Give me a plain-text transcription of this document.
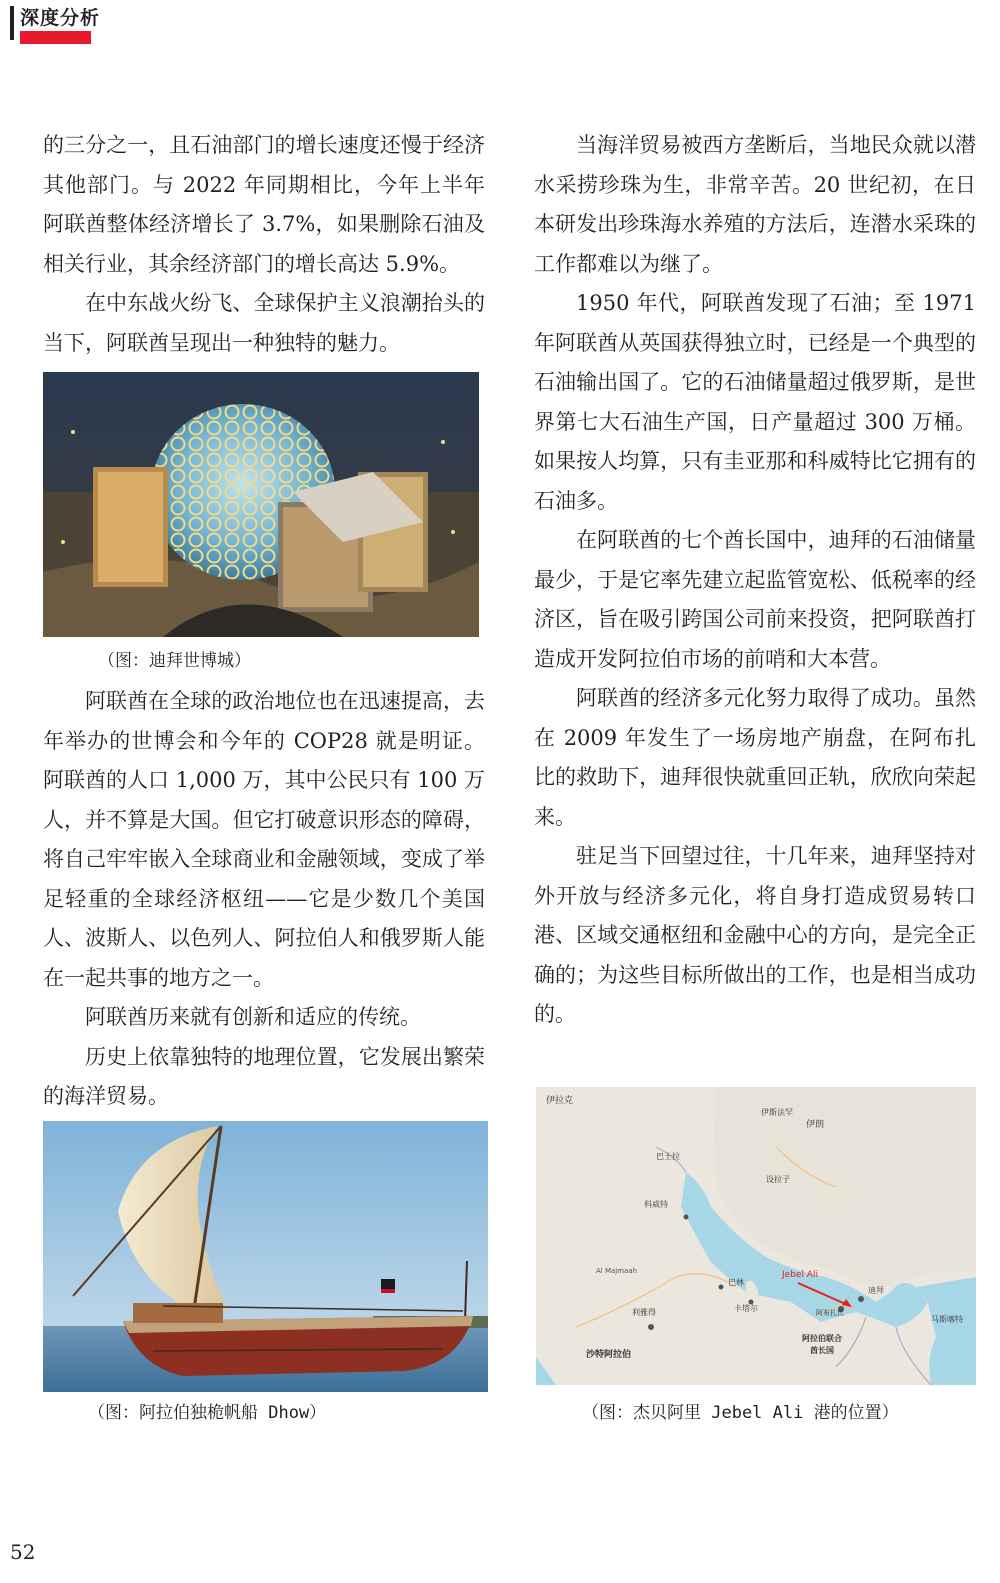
深度分析

的三分之一，且石油部门的增长速度还慢于经济其他部门。与 2022 年同期相比，今年上半年阿联酋整体经济增长了 3.7%，如果删除石油及相关行业，其余经济部门的增长高达 5.9%。

在中东战火纷飞、全球保护主义浪潮抬头的当下，阿联酋呈现出一种独特的魅力。

（图：迪拜世博城）

阿联酋在全球的政治地位也在迅速提高，去年举办的世博会和今年的 COP28 就是明证。阿联酋的人口 1,000 万，其中公民只有 100 万人，并不算是大国。但它打破意识形态的障碍，将自己牢牢嵌入全球商业和金融领域，变成了举足轻重的全球经济枢纽——它是少数几个美国人、波斯人、以色列人、阿拉伯人和俄罗斯人能在一起共事的地方之一。

阿联酋历来就有创新和适应的传统。

历史上依靠独特的地理位置，它发展出繁荣的海洋贸易。

（图：阿拉伯独桅帆船 Dhow）

当海洋贸易被西方垄断后，当地民众就以潜水采捞珍珠为生，非常辛苦。20 世纪初，在日本研发出珍珠海水养殖的方法后，连潜水采珠的工作都难以为继了。

1950 年代，阿联酋发现了石油；至 1971 年阿联酋从英国获得独立时，已经是一个典型的石油输出国了。它的石油储量超过俄罗斯，是世界第七大石油生产国，日产量超过 300 万桶。如果按人均算，只有圭亚那和科威特比它拥有的石油多。

在阿联酋的七个酋长国中，迪拜的石油储量最少，于是它率先建立起监管宽松、低税率的经济区，旨在吸引跨国公司前来投资，把阿联酋打造成开发阿拉伯市场的前哨和大本营。

阿联酋的经济多元化努力取得了成功。虽然在 2009 年发生了一场房地产崩盘，在阿布扎比的救助下，迪拜很快就重回正轨，欣欣向荣起来。

驻足当下回望过往，十几年来，迪拜坚持对外开放与经济多元化，将自身打造成贸易转口港、区域交通枢纽和金融中心的方向，是完全正确的；为这些目标所做出的工作，也是相当成功的。

伊拉克
伊朗
科威特
巴士拉
设拉子
伊斯法罕
巴林
卡塔尔
利雅得
Al Majmaah
沙特阿拉伯
迪拜
阿布扎比
阿拉伯联合
酋长国
马斯喀特
Jebel Ali
（图：杰贝阿里 Jebel Ali 港的位置）
52
